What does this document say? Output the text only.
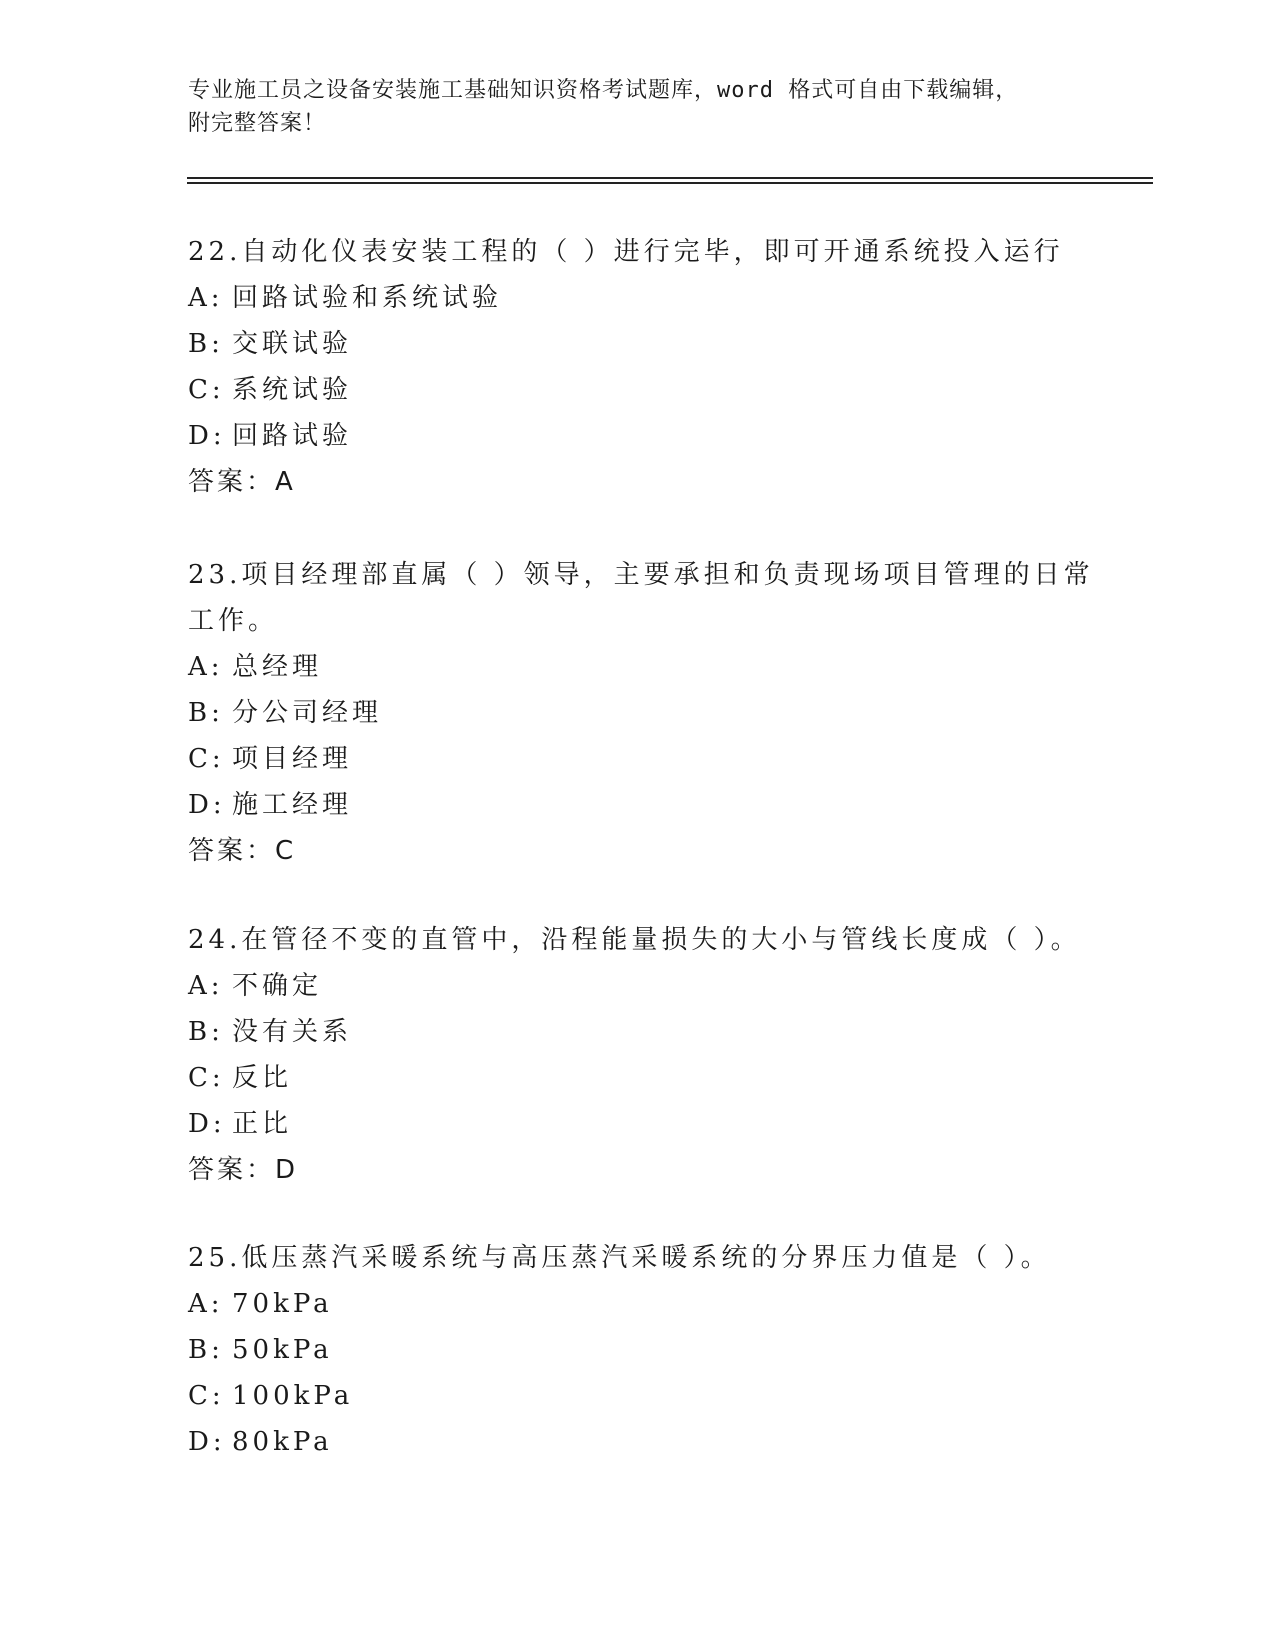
专业施工员之设备安装施工基础知识资格考试题库，word 格式可自由下载编辑，
附完整答案！
22.自动化仪表安装工程的（ ）进行完毕，即可开通系统投入运行
A: 回路试验和系统试验
B: 交联试验
C: 系统试验
D: 回路试验
答案：A
23.项目经理部直属（ ）领导，主要承担和负责现场项目管理的日常
工作。
A: 总经理
B: 分公司经理
C: 项目经理
D: 施工经理
答案：C
24.在管径不变的直管中，沿程能量损失的大小与管线长度成（ ）。
A: 不确定
B: 没有关系
C: 反比
D: 正比
答案：D
25.低压蒸汽采暖系统与高压蒸汽采暖系统的分界压力值是（ ）。
A: 70kPa
B: 50kPa
C: 100kPa
D: 80kPa
